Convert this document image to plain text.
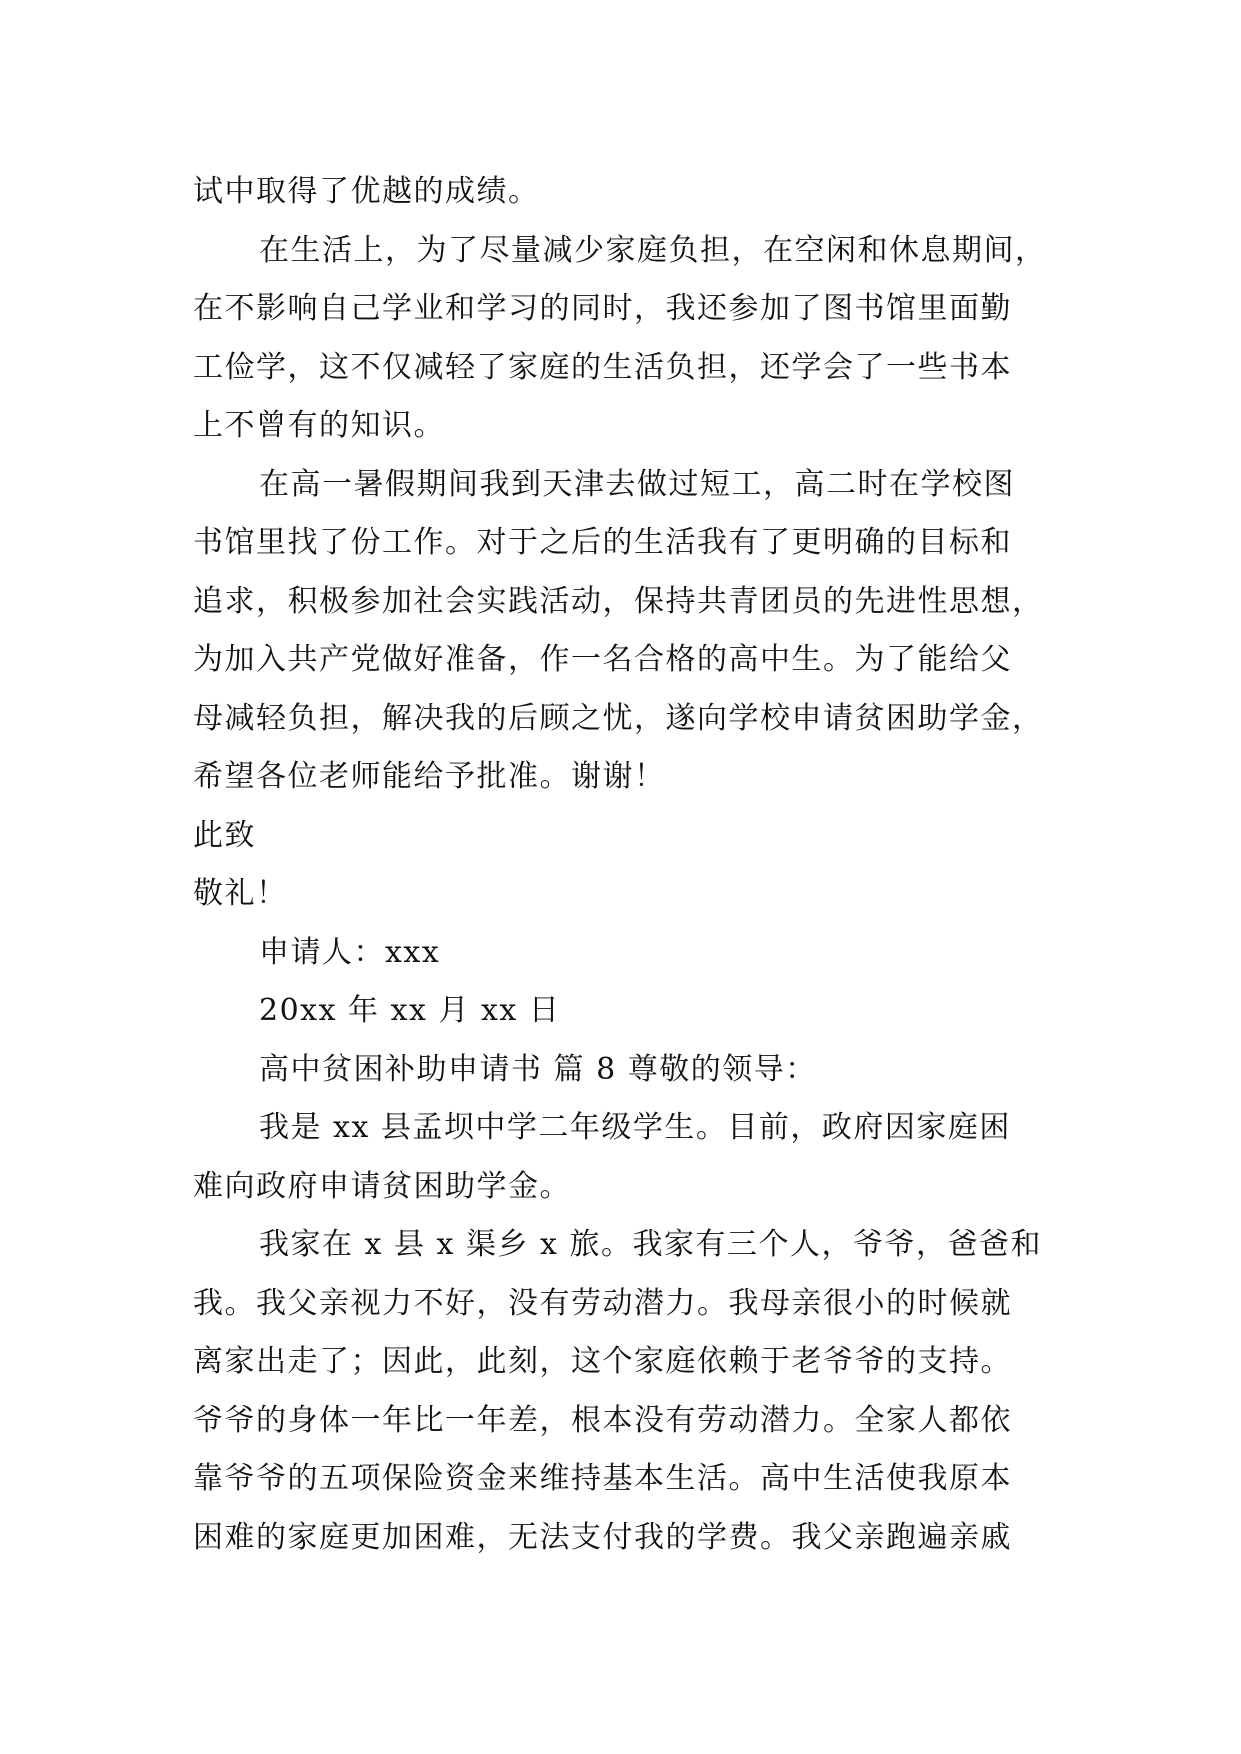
试中取得了优越的成绩。
在生活上，为了尽量减少家庭负担，在空闲和休息期间，
在不影响自己学业和学习的同时，我还参加了图书馆里面勤
工俭学，这不仅减轻了家庭的生活负担，还学会了一些书本
上不曾有的知识。
在高一暑假期间我到天津去做过短工，高二时在学校图
书馆里找了份工作。对于之后的生活我有了更明确的目标和
追求，积极参加社会实践活动，保持共青团员的先进性思想，
为加入共产党做好准备，作一名合格的高中生。为了能给父
母减轻负担，解决我的后顾之忧，遂向学校申请贫困助学金，
希望各位老师能给予批准。谢谢！
此致
敬礼！
申请人：xxx
20xx 年 xx 月 xx 日
高中贫困补助申请书 篇 8 尊敬的领导：
我是 xx 县孟坝中学二年级学生。目前，政府因家庭困
难向政府申请贫困助学金。
我家在 x 县 x 渠乡 x 旅。我家有三个人，爷爷，爸爸和
我。我父亲视力不好，没有劳动潜力。我母亲很小的时候就
离家出走了；因此，此刻，这个家庭依赖于老爷爷的支持。
爷爷的身体一年比一年差，根本没有劳动潜力。全家人都依
靠爷爷的五项保险资金来维持基本生活。高中生活使我原本
困难的家庭更加困难，无法支付我的学费。我父亲跑遍亲戚
